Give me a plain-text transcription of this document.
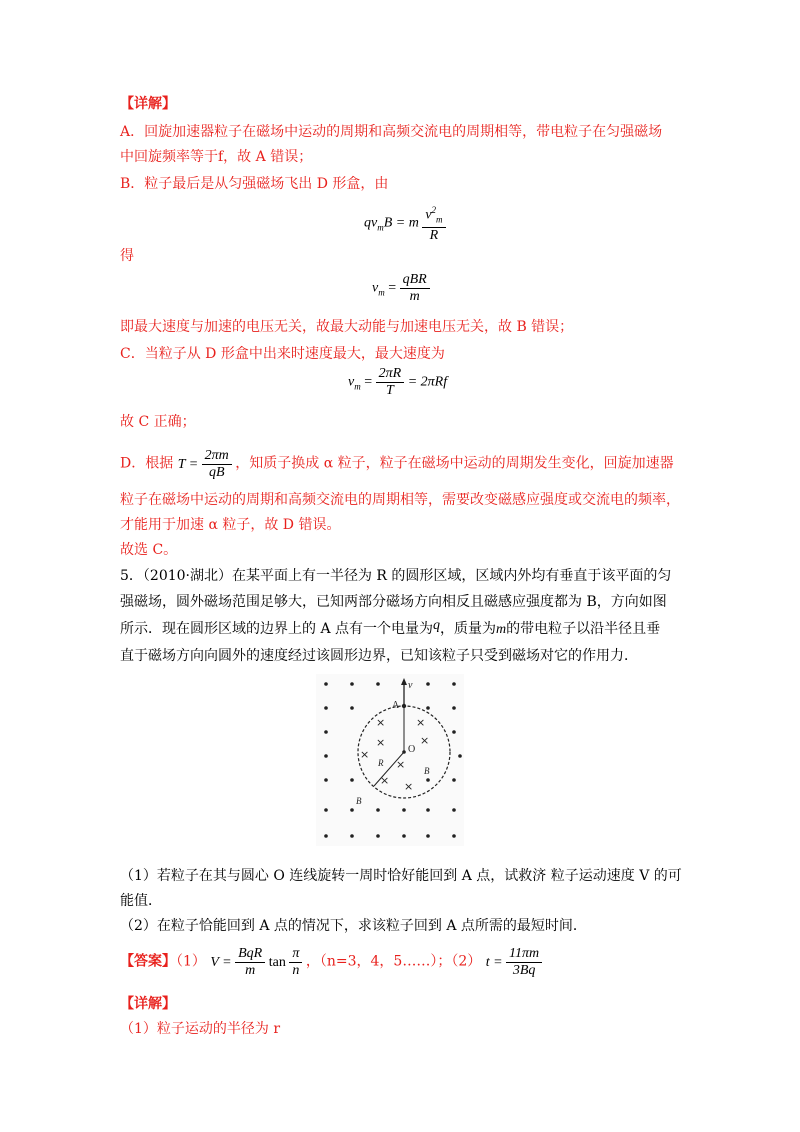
【详解】
A．回旋加速器粒子在磁场中运动的周期和高频交流电的周期相等，带电粒子在匀强磁场
中回旋频率等于f，故 A 错误；
B．粒子最后是从匀强磁场飞出 D 形盒，由
$qv_mB = m \frac{v^2_m}{R}$
得
$v_m = \frac{\text{qBR}}{m}$
即最大速度与加速的电压无关，故最大动能与加速电压无关，故 B 错误；
C．当粒子从 D 形盒中出来时速度最大，最大速度为
$v_m = \frac{2\pi R}{T} = 2\pi Rf$
故 C 正确；
D．根据 $T = \frac{2\pi m}{qB}$ ，知质子换成 α 粒子，粒子在磁场中运动的周期发生变化，回旋加速器
粒子在磁场中运动的周期和高频交流电的周期相等，需要改变磁感应强度或交流电的频率，
才能用于加速 α 粒子，故 D 错误。
故选 C。
5．（2010·湖北）在某平面上有一半径为 R 的圆形区域，区域内外均有垂直于该平面的匀
强磁场，圆外磁场范围足够大，已知两部分磁场方向相反且磁感应强度都为 B，方向如图
所示．现在圆形区域的边界上的 A 点有一个电量为q，质量为m的带电粒子以沿半径且垂
直于磁场方向向圆外的速度经过该圆形边界，已知该粒子只受到磁场对它的作用力．
v
A
O
R
B
B
×	×
×	×
×
×
× ×
（1）若粒子在其与圆心 O 连线旋转一周时恰好能回到 A 点，试救济 粒子运动速度 V 的可
能值．
（2）在粒子恰能回到 A 点的情况下，求该粒子回到 A 点所需的最短时间．
【答案】（1） $V = \frac{\text{BqR}}{m}$ $\tan \frac{\pi}{n}$ ，（n=3，4，5……）；（2） $t = \frac{11\pi m}{3Bq}$
【详解】
（1）粒子运动的半径为 r
